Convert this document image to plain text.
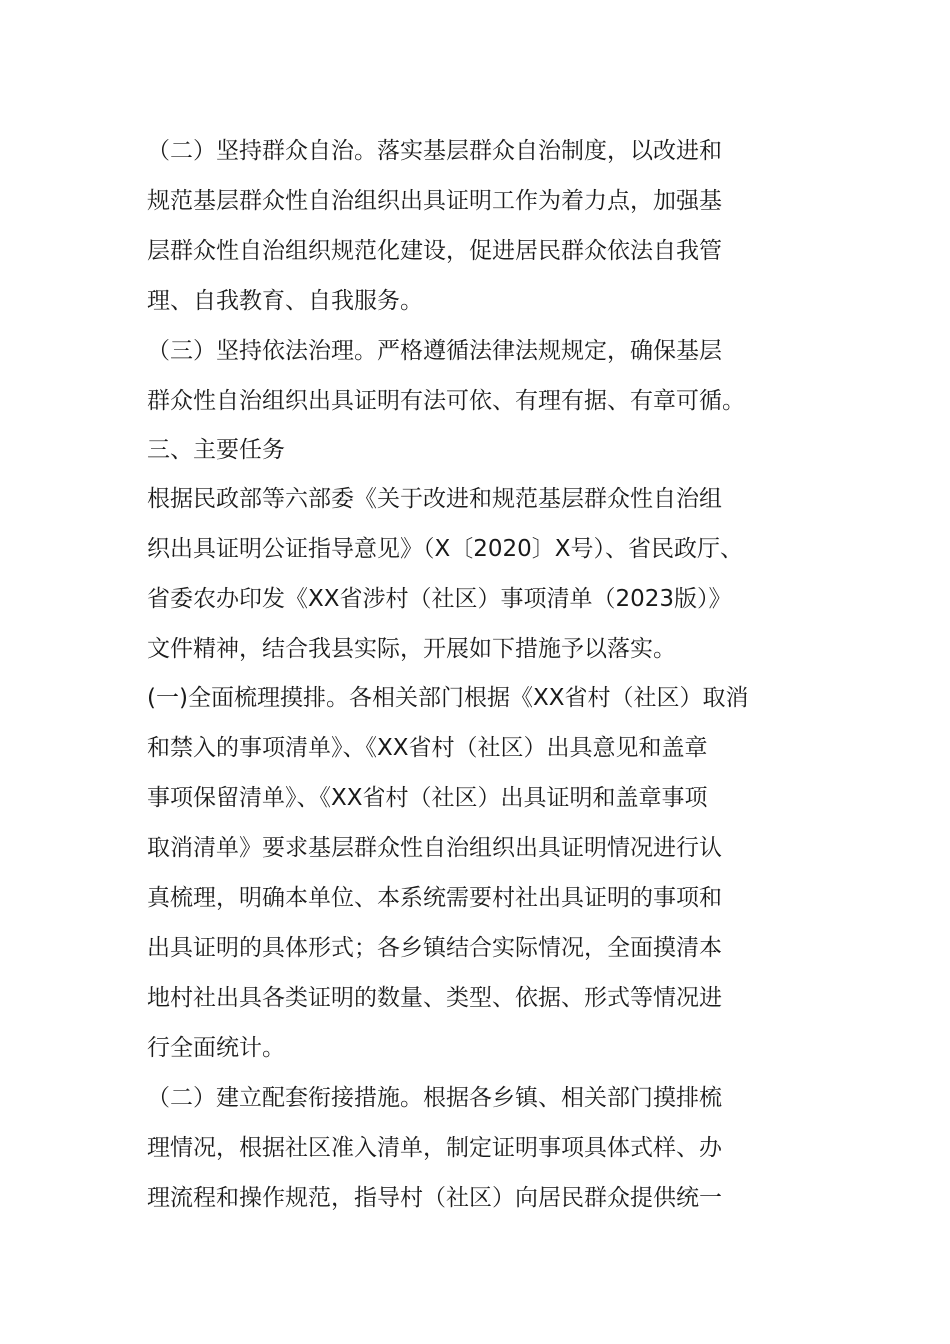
（二）坚持群众自治。落实基层群众自治制度，以改进和
规范基层群众性自治组织出具证明工作为着力点，加强基
层群众性自治组织规范化建设，促进居民群众依法自我管
理、自我教育、自我服务。
（三）坚持依法治理。严格遵循法律法规规定，确保基层
群众性自治组织出具证明有法可依、有理有据、有章可循。
三、主要任务
根据民政部等六部委《关于改进和规范基层群众性自治组
织出具证明公证指导意见》（X〔2020〕X号）、省民政厅、
省委农办印发《XX省涉村（社区）事项清单（2023版）》
文件精神，结合我县实际，开展如下措施予以落实。
(一)全面梳理摸排。各相关部门根据《XX省村（社区）取消
和禁入的事项清单》、《XX省村（社区）出具意见和盖章
事项保留清单》、《XX省村（社区）出具证明和盖章事项
取消清单》要求基层群众性自治组织出具证明情况进行认
真梳理，明确本单位、本系统需要村社出具证明的事项和
出具证明的具体形式；各乡镇结合实际情况，全面摸清本
地村社出具各类证明的数量、类型、依据、形式等情况进
行全面统计。
（二）建立配套衔接措施。根据各乡镇、相关部门摸排梳
理情况，根据社区准入清单，制定证明事项具体式样、办
理流程和操作规范，指导村（社区）向居民群众提供统一
